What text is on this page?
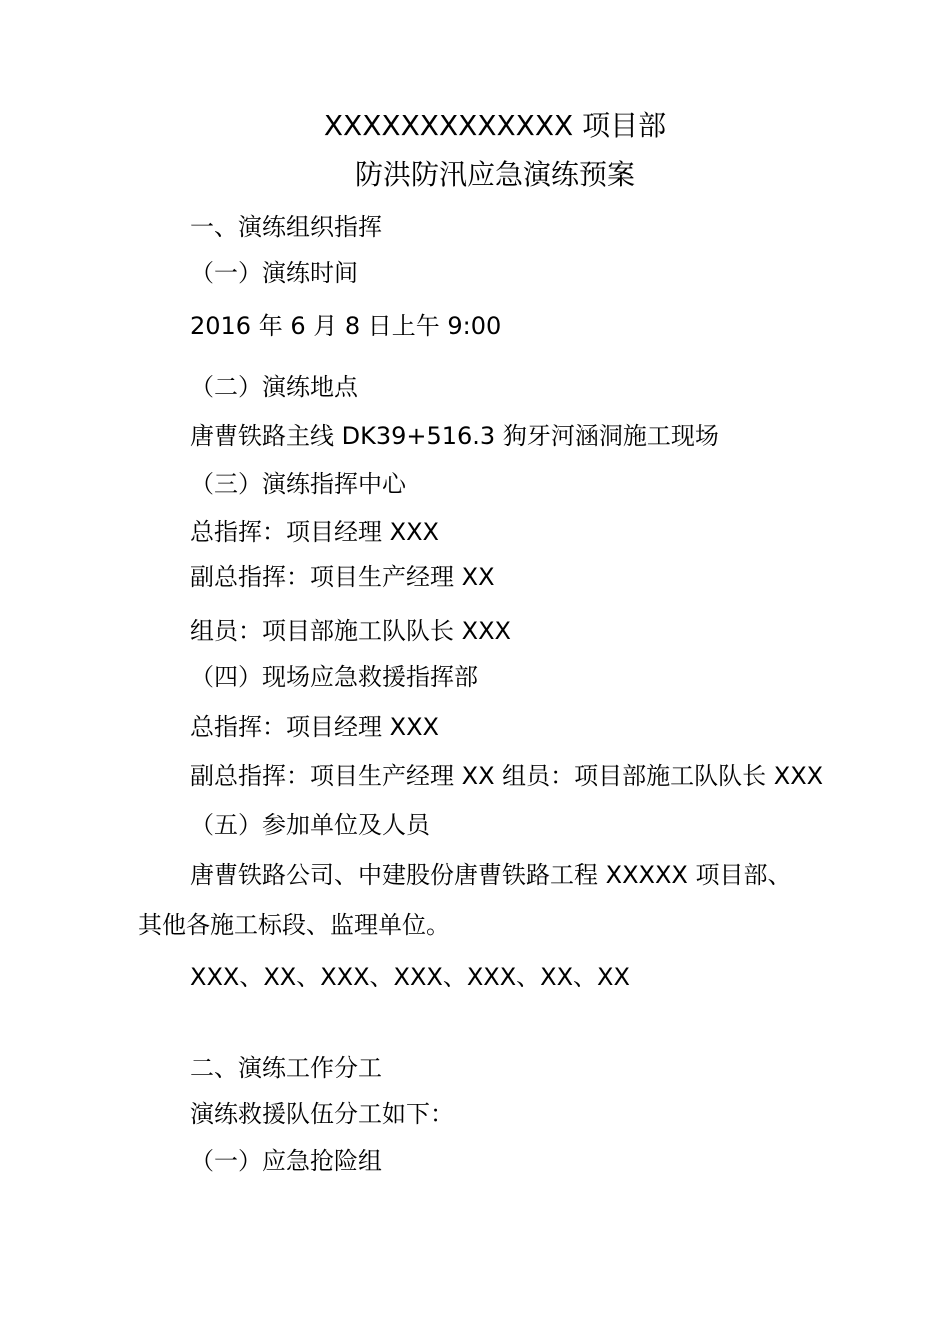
XXXXXXXXXXXXX 项目部
防洪防汛应急演练预案
一、演练组织指挥
（一）演练时间
2016 年 6 月 8 日上午 9:00
（二）演练地点
唐曹铁路主线 DK39+516.3 狗牙河涵洞施工现场
（三）演练指挥中心
总指挥：项目经理 XXX
副总指挥：项目生产经理 XX
组员：项目部施工队队长 XXX
（四）现场应急救援指挥部
总指挥：项目经理 XXX
副总指挥：项目生产经理 XX 组员：项目部施工队队长 XXX
（五）参加单位及人员
唐曹铁路公司、中建股份唐曹铁路工程 XXXXX 项目部、
其他各施工标段、监理单位。
XXX、XX、XXX、XXX、XXX、XX、XX
二、演练工作分工
演练救援队伍分工如下：
（一）应急抢险组
